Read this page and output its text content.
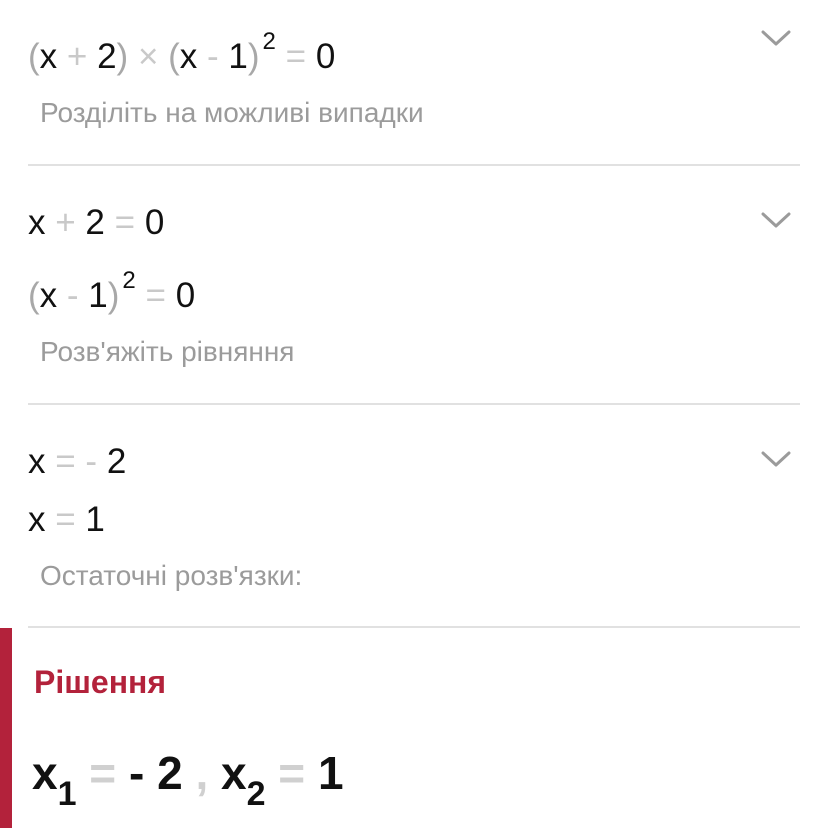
(x + 2) × (x - 1) $^2$ = 0
Розділіть на можливі випадки
x + 2 = 0
(x - 1) $^2$ = 0
Розв'яжіть рівняння
x = - 2
x = 1
Остаточні розв'язки:
Рішення
$x_1$ = - 2 , $x_2 = 1$
